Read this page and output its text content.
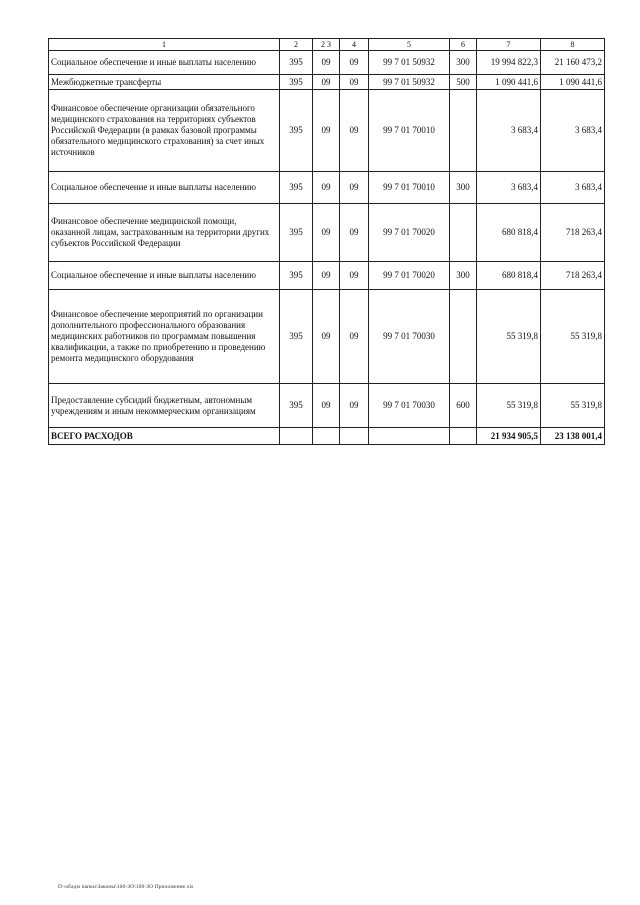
1	2	2 3	4	5	6	7	8
Социальное обеспечение и иные выплаты населению	395	09	09	99 7 01 50932	300	19 994 822,3	21 160 473,2
Межбюджетные трансферты	395	09	09	99 7 01 50932	500	1 090 441,6	1 090 441,6
Финансовое обеспечение организации обязательного медицинского страхования на территориях субъектов Российской Федерации (в рамках базовой программы обязательного медицинского страхования) за счет иных источников	395	09	09	99 7 01 70010		3 683,4	3 683,4
Социальное обеспечение и иные выплаты населению	395	09	09	99 7 01 70010	300	3 683,4	3 683,4
Финансовое обеспечение медицинской помощи, оказанной лицам, застрахованным на территории других субъектов Российской Федерации	395	09	09	99 7 01 70020		680 818,4	718 263,4
Социальное обеспечение и иные выплаты населению	395	09	09	99 7 01 70020	300	680 818,4	718 263,4
Финансовое обеспечение мероприятий по организации дополнительного профессионального образования медицинских работников по программам повышения квалификации, а также по приобретению и проведению ремонта медицинского оборудования	395	09	09	99 7 01 70030		55 319,8	55 319,8
Предоставление субсидий бюджетным, автономным учреждениям и иным некоммерческим организациям	395	09	09	99 7 01 70030	600	55 319,8	55 319,8
ВСЕГО РАСХОДОВ						21 934 905,5	23 138 001,4
D:\обадм папки\Законы\100-ЗО\100-ЗО Приложение.xls
